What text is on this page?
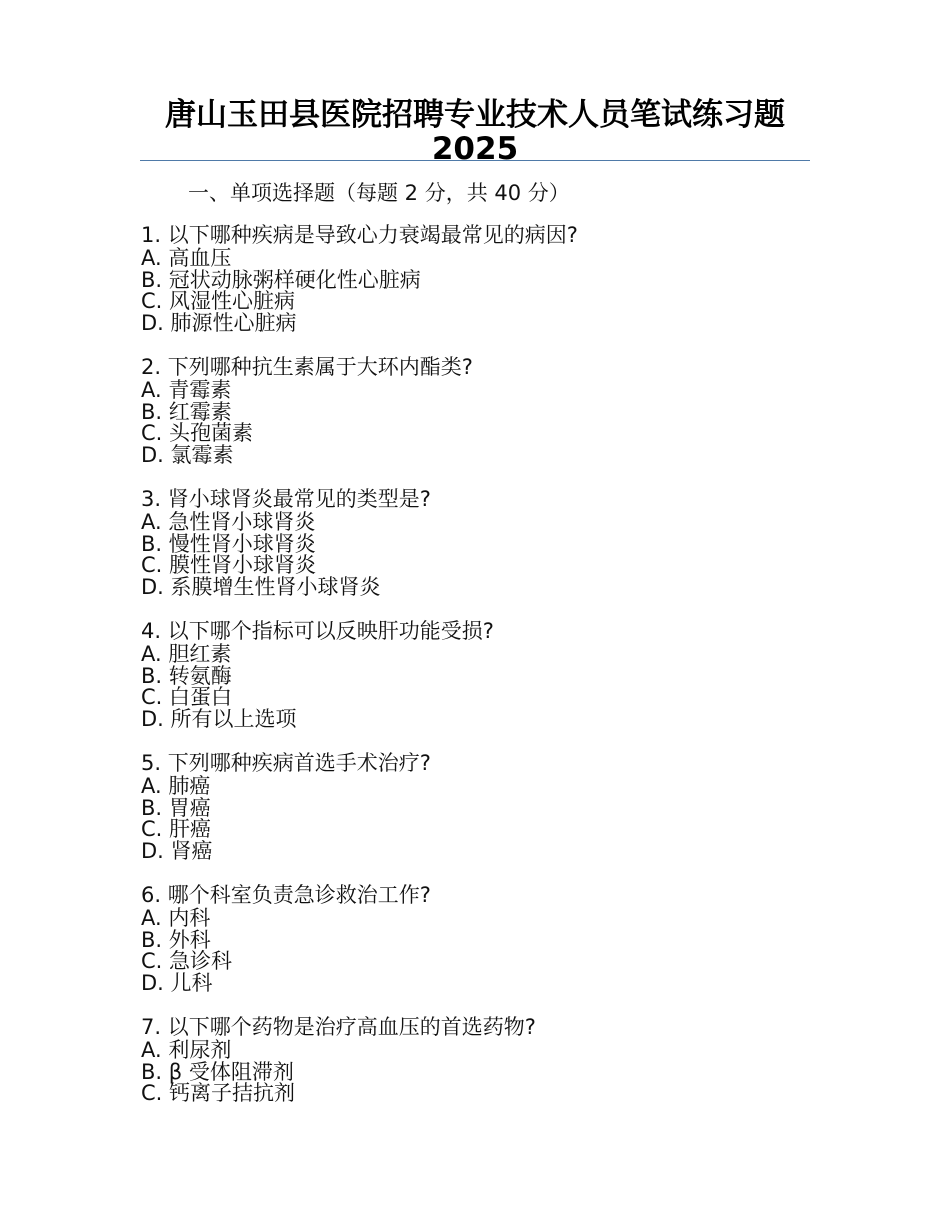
唐山玉田县医院招聘专业技术人员笔试练习题 2025
一、单项选择题（每题 2 分，共 40 分）
1. 以下哪种疾病是导致心力衰竭最常见的病因?
A. 高血压
B. 冠状动脉粥样硬化性心脏病
C. 风湿性心脏病
D. 肺源性心脏病
2. 下列哪种抗生素属于大环内酯类?
A. 青霉素
B. 红霉素
C. 头孢菌素
D. 氯霉素
3. 肾小球肾炎最常见的类型是?
A. 急性肾小球肾炎
B. 慢性肾小球肾炎
C. 膜性肾小球肾炎
D. 系膜增生性肾小球肾炎
4. 以下哪个指标可以反映肝功能受损?
A. 胆红素
B. 转氨酶
C. 白蛋白
D. 所有以上选项
5. 下列哪种疾病首选手术治疗?
A. 肺癌
B. 胃癌
C. 肝癌
D. 肾癌
6. 哪个科室负责急诊救治工作?
A. 内科
B. 外科
C. 急诊科
D. 儿科
7. 以下哪个药物是治疗高血压的首选药物?
A. 利尿剂
B. β 受体阻滞剂
C. 钙离子拮抗剂
